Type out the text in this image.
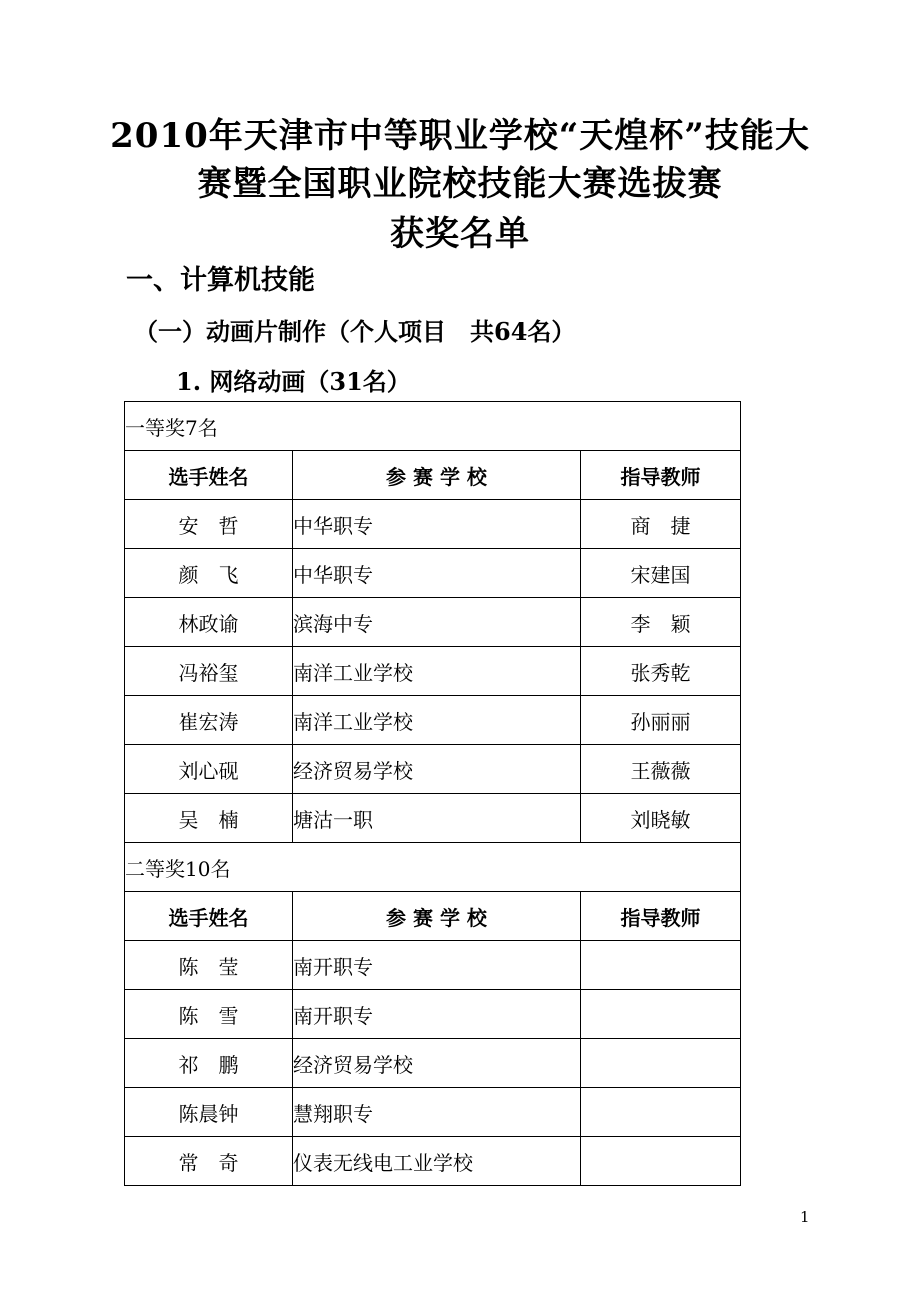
2010年天津市中等职业学校“天煌杯”技能大
赛暨全国职业院校技能大赛选拔赛
获奖名单
一、计算机技能
（一）动画片制作（个人项目　共64名）
1. 网络动画（31名）
一等奖7名		
选手姓名	参 赛 学 校	指导教师
安　哲	中华职专	商　捷
颜　飞	中华职专	宋建国
林政谕	滨海中专	李　颖
冯裕玺	南洋工业学校	张秀乾
崔宏涛	南洋工业学校	孙丽丽
刘心砚	经济贸易学校	王薇薇
吴　楠	塘沽一职	刘晓敏
二等奖10名		
选手姓名	参 赛 学 校	指导教师
陈　莹	南开职专	
陈　雪	南开职专	
祁　鹏	经济贸易学校	
陈晨钟	慧翔职专	
常　奇	仪表无线电工业学校	
1
